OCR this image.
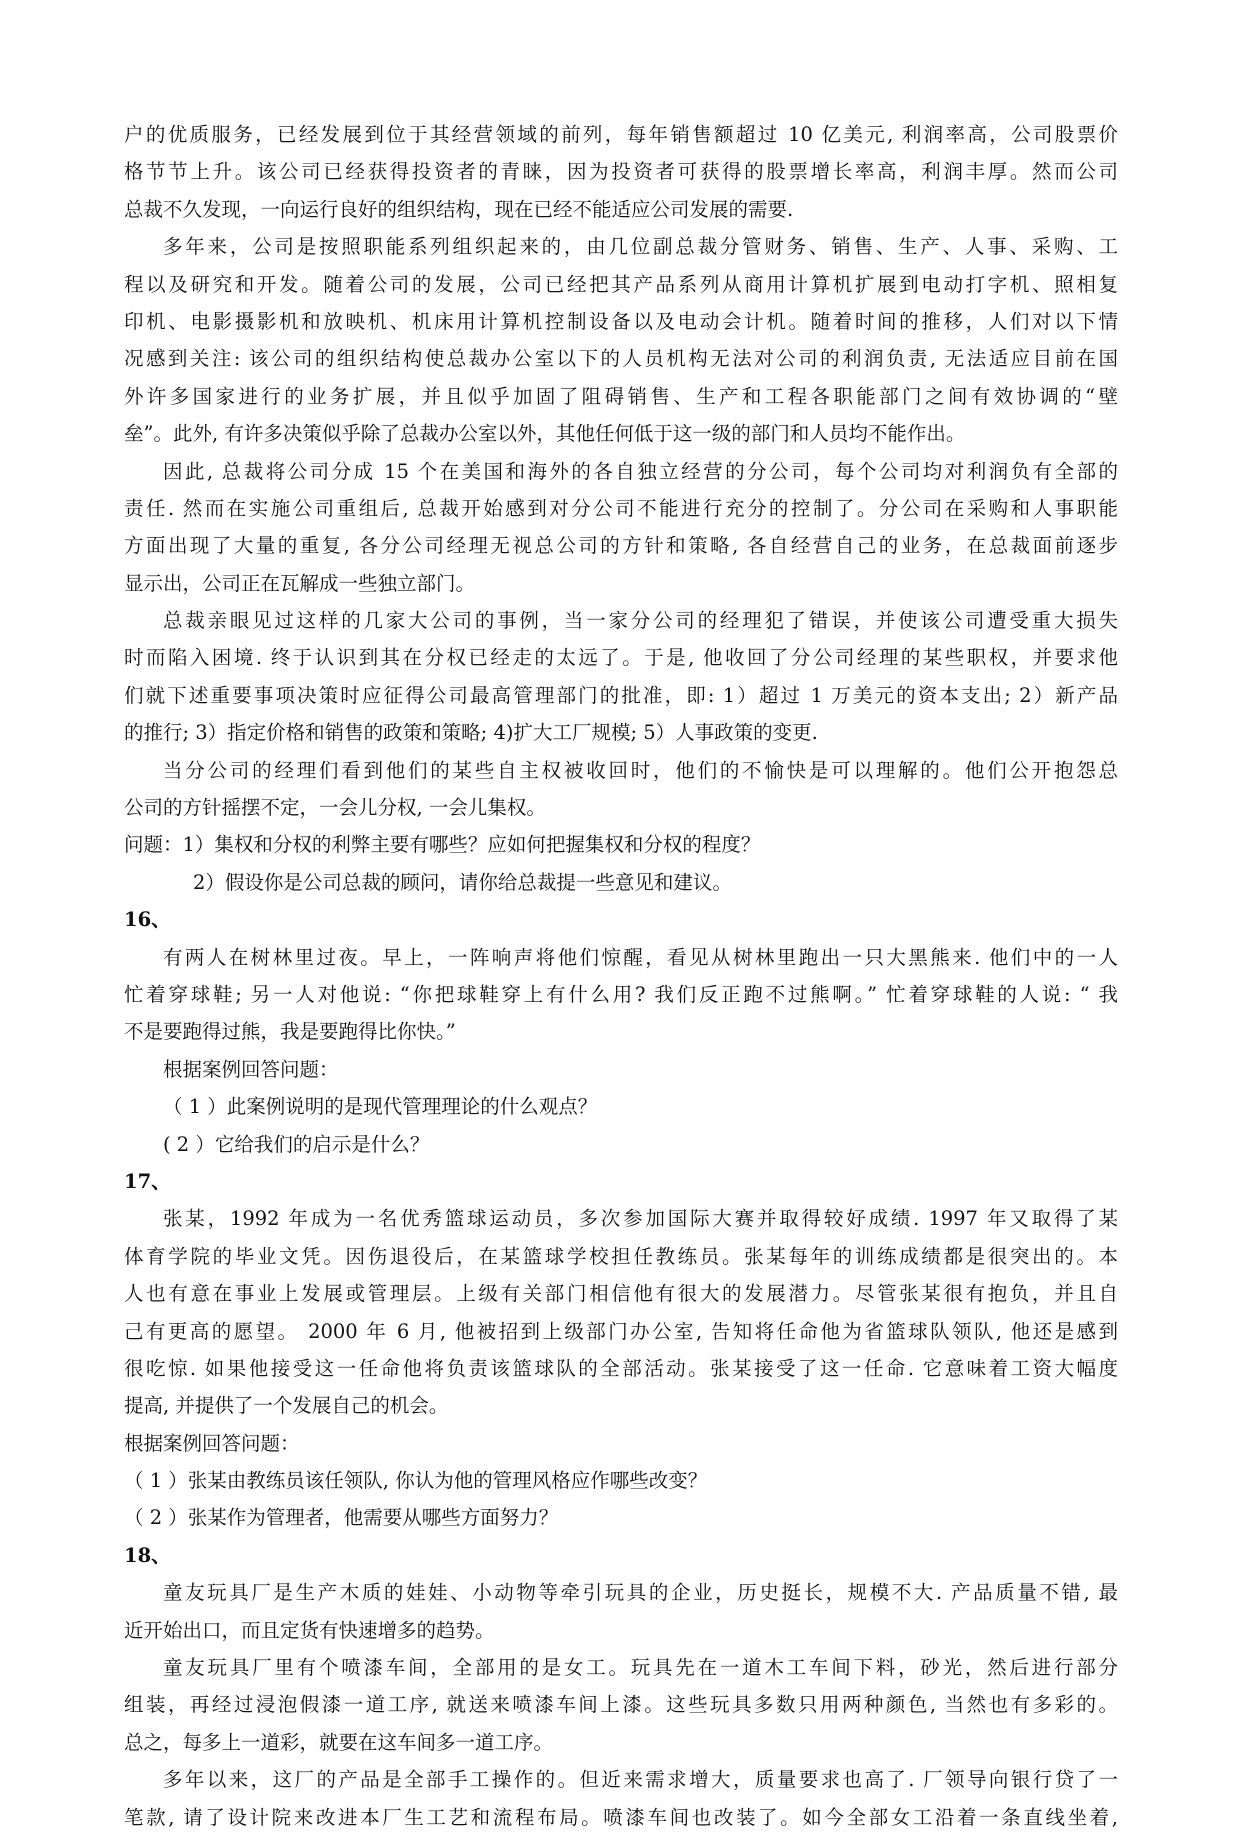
户的优质服务，已经发展到位于其经营领域的前列，每年销售额超过 10 亿美元, 利润率高，公司股票价
格节节上升。该公司已经获得投资者的青睐，因为投资者可获得的股票增长率高，利润丰厚。然而公司
总裁不久发现，一向运行良好的组织结构，现在已经不能适应公司发展的需要.
多年来，公司是按照职能系列组织起来的，由几位副总裁分管财务、销售、生产、人事、采购、工
程以及研究和开发。随着公司的发展，公司已经把其产品系列从商用计算机扩展到电动打字机、照相复
印机、电影摄影机和放映机、机床用计算机控制设备以及电动会计机。随着时间的推移，人们对以下情
况感到关注: 该公司的组织结构使总裁办公室以下的人员机构无法对公司的利润负责, 无法适应目前在国
外许多国家进行的业务扩展，并且似乎加固了阻碍销售、生产和工程各职能部门之间有效协调的“壁
垒”。此外, 有许多决策似乎除了总裁办公室以外，其他任何低于这一级的部门和人员均不能作出。
因此, 总裁将公司分成 15 个在美国和海外的各自独立经营的分公司，每个公司均对利润负有全部的
责任. 然而在实施公司重组后, 总裁开始感到对分公司不能进行充分的控制了。分公司在采购和人事职能
方面出现了大量的重复, 各分公司经理无视总公司的方针和策略, 各自经营自己的业务，在总裁面前逐步
显示出，公司正在瓦解成一些独立部门。
总裁亲眼见过这样的几家大公司的事例，当一家分公司的经理犯了错误，并使该公司遭受重大损失
时而陷入困境. 终于认识到其在分权已经走的太远了。于是, 他收回了分公司经理的某些职权，并要求他
们就下述重要事项决策时应征得公司最高管理部门的批准，即: 1）超过 1 万美元的资本支出; 2）新产品
的推行; 3）指定价格和销售的政策和策略; 4)扩大工厂规模; 5）人事政策的变更.
当分公司的经理们看到他们的某些自主权被收回时，他们的不愉快是可以理解的。他们公开抱怨总
公司的方针摇摆不定，一会儿分权, 一会儿集权。
问题：1）集权和分权的利弊主要有哪些？应如何把握集权和分权的程度？
2）假设你是公司总裁的顾问，请你给总裁提一些意见和建议。
16、
有两人在树林里过夜。早上，一阵响声将他们惊醒，看见从树林里跑出一只大黑熊来. 他们中的一人
忙着穿球鞋; 另一人对他说: “你把球鞋穿上有什么用? 我们反正跑不过熊啊。” 忙着穿球鞋的人说: “ 我
不是要跑得过熊，我是要跑得比你快。”
根据案例回答问题：
（ 1 ）此案例说明的是现代管理理论的什么观点？
( 2 ）它给我们的启示是什么？
17、
张某，1992 年成为一名优秀篮球运动员，多次参加国际大赛并取得较好成绩. 1997 年又取得了某
体育学院的毕业文凭。因伤退役后，在某篮球学校担任教练员。张某每年的训练成绩都是很突出的。本
人也有意在事业上发展或管理层。上级有关部门相信他有很大的发展潜力。尽管张某很有抱负，并且自
己有更高的愿望。 2000 年 6 月, 他被招到上级部门办公室, 告知将任命他为省篮球队领队, 他还是感到
很吃惊. 如果他接受这一任命他将负责该篮球队的全部活动。张某接受了这一任命. 它意味着工资大幅度
提高, 并提供了一个发展自己的机会。
根据案例回答问题：
（ 1 ）张某由教练员该任领队, 你认为他的管理风格应作哪些改变？
（ 2 ）张某作为管理者，他需要从哪些方面努力？
18、
童友玩具厂是生产木质的娃娃、小动物等牵引玩具的企业，历史挺长，规模不大. 产品质量不错, 最
近开始出口，而且定货有快速增多的趋势。
童友玩具厂里有个喷漆车间，全部用的是女工。玩具先在一道木工车间下料，砂光，然后进行部分
组装，再经过浸泡假漆一道工序, 就送来喷漆车间上漆。这些玩具多数只用两种颜色, 当然也有多彩的。
总之，每多上一道彩，就要在这车间多一道工序。
多年以来，这厂的产品是全部手工操作的。但近来需求增大，质量要求也高了. 厂领导向银行贷了一
笔款, 请了设计院来改进本厂生工艺和流程布局。喷漆车间也改装了。如今全部女工沿着一条直线坐着,
